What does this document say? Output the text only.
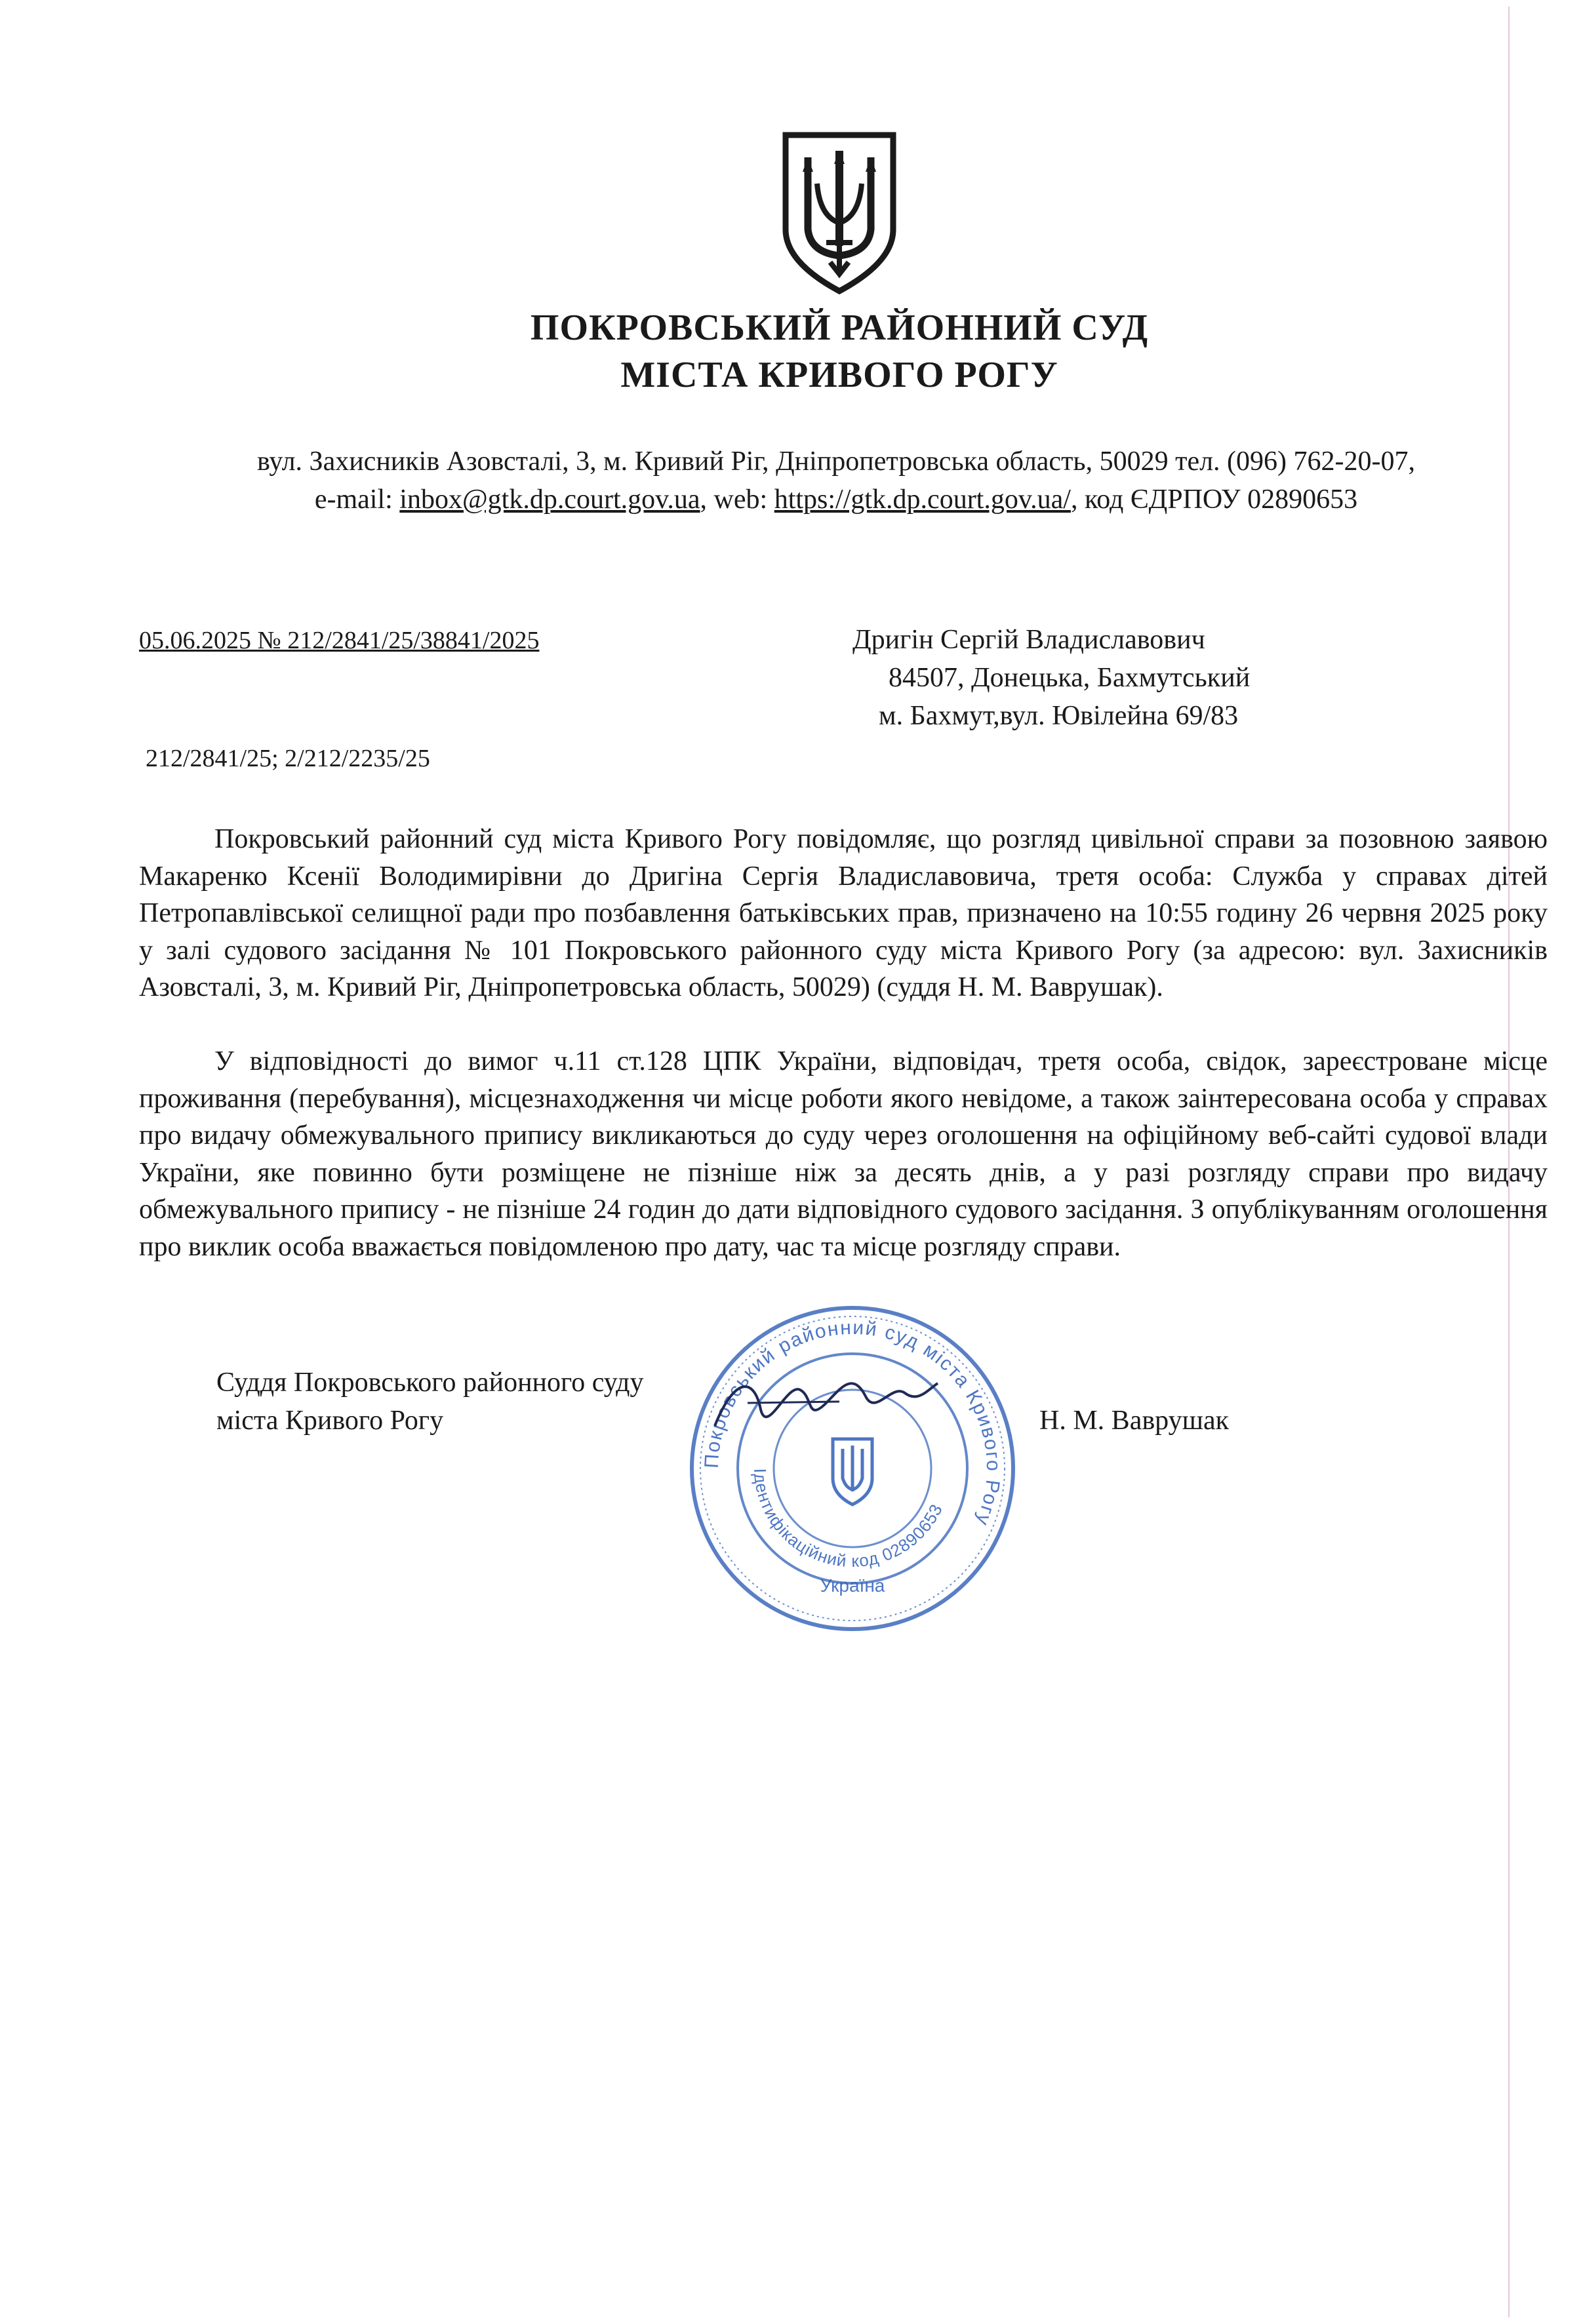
ПОКРОВСЬКИЙ РАЙОННИЙ СУД
МІСТА КРИВОГО РОГУ
вул. Захисників Азовсталі, 3, м. Кривий Ріг, Дніпропетровська область, 50029 тел. (096) 762-20-07,
e-mail: inbox@gtk.dp.court.gov.ua, web: https://gtk.dp.court.gov.ua/, код ЄДРПОУ 02890653
05.06.2025 № 212/2841/25/38841/2025	Дригін Сергій Владиславович
84507, Донецька, Бахмутський
м. Бахмут,вул. Ювілейна 69/83
212/2841/25; 2/212/2235/25

Покровський районний суд міста Кривого Рогу повідомляє, що розгляд цивільної справи за позовною заявою Макаренко Ксенії Володимирівни до Дригіна Сергія Владиславовича, третя особа: Служба у справах дітей Петропавлівської селищної ради про позбавлення батьківських прав, призначено на 10:55 годину 26 червня 2025 року у залі судового засідання № 101 Покровського районного суду міста Кривого Рогу (за адресою: вул. Захисників Азовсталі, 3, м. Кривий Ріг, Дніпропетровська область, 50029) (суддя Н. М. Ваврушак).

У відповідності до вимог ч.11 ст.128 ЦПК України, відповідач, третя особа, свідок, зареєстроване місце проживання (перебування), місцезнаходження чи місце роботи якого невідоме, а також заінтересована особа у справах про видачу обмежувального припису викликаються до суду через оголошення на офіційному веб-сайті судової влади України, яке повинно бути розміщене не пізніше ніж за десять днів, а у разі розгляду справи про видачу обмежувального припису - не пізніше 24 годин до дати відповідного судового засідання. З опублікуванням оголошення про виклик особа вважається повідомленою про дату, час та місце розгляду справи.

Покровський районний суд міста Кривого Рогу
Ідентифікаційний код 02890653
Україна
Суддя Покровського районного суду
міста Кривого Рогу	Н. М. Ваврушак
